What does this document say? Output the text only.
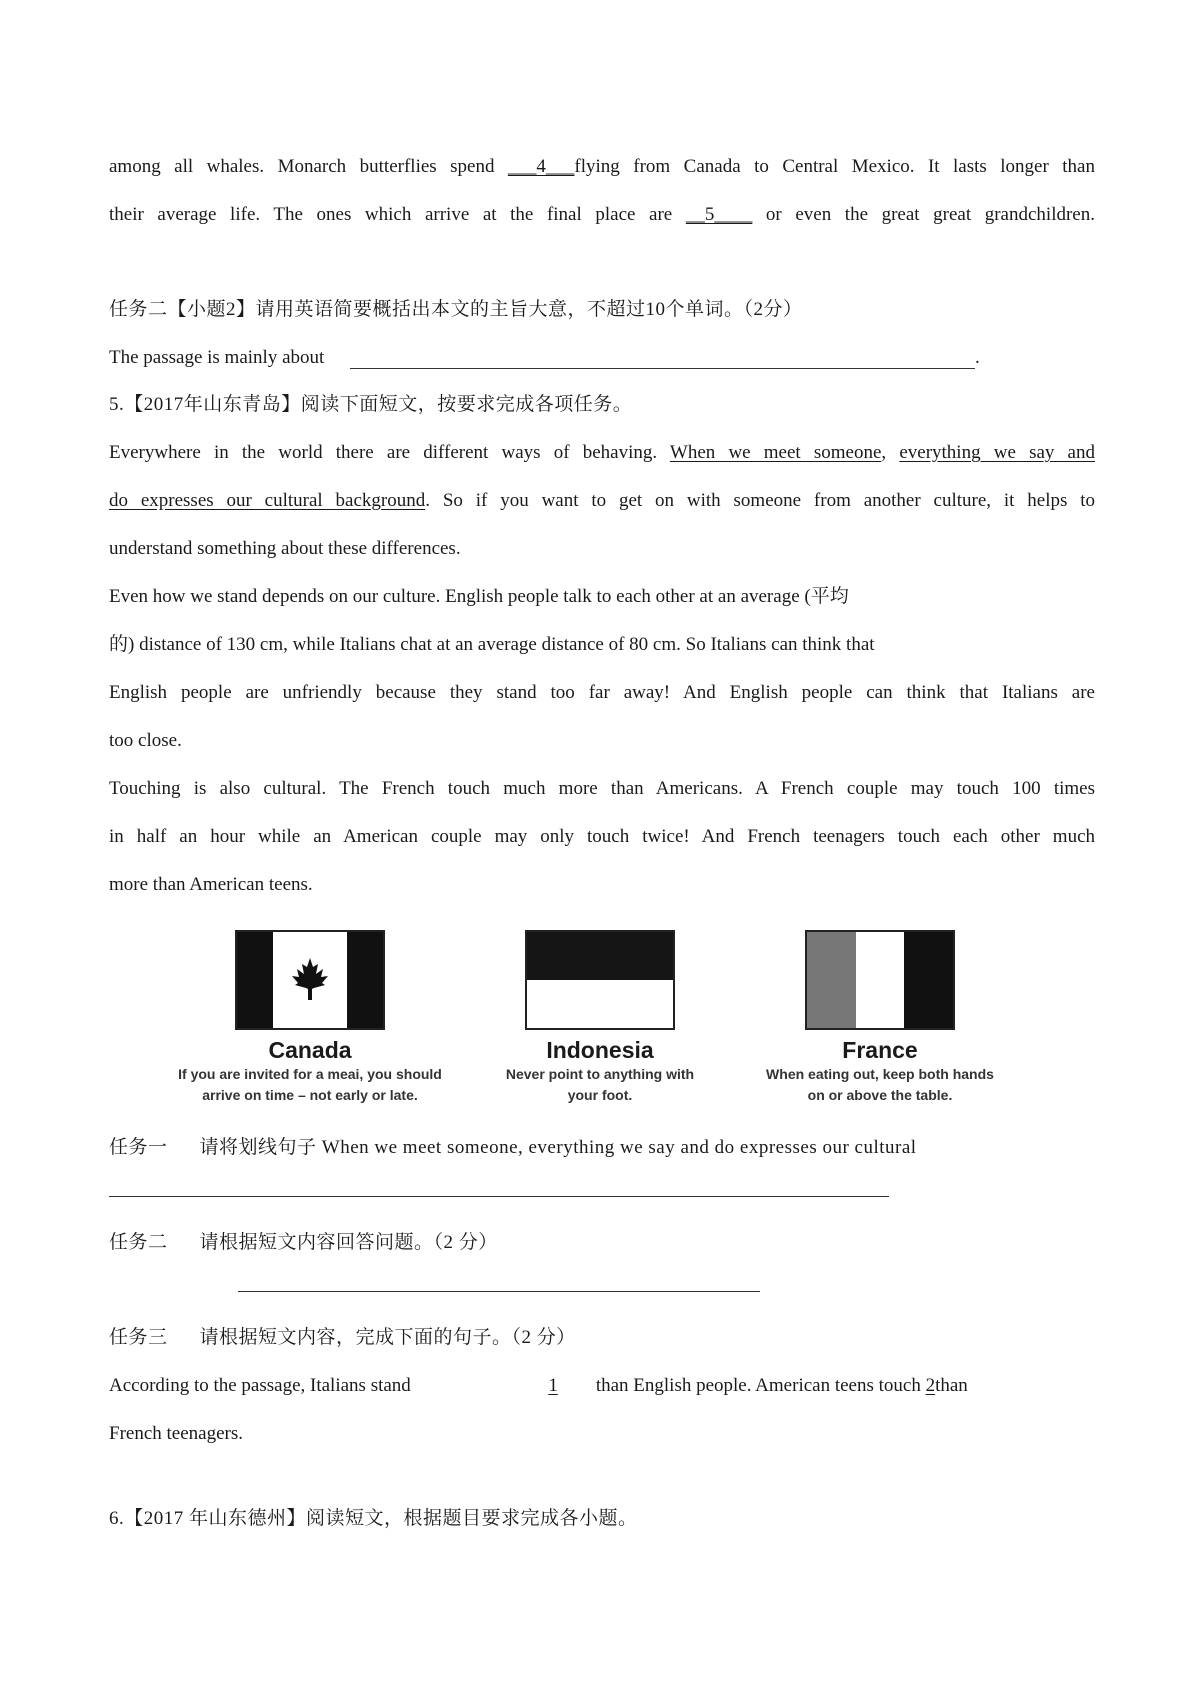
among all whales. Monarch butterflies spend ___4___flying from Canada to Central Mexico. It lasts longer than
their average life. The ones which arrive at the final place are __5____ or even the great great grandchildren.
任务二【小题2】请用英语简要概括出本文的主旨大意，不超过10个单词。（2分）
The passage is mainly about	.
5.【2017年山东青岛】阅读下面短文，按要求完成各项任务。
Everywhere in the world there are different ways of behaving. When we meet someone, everything we say and
do expresses our cultural background. So if you want to get on with someone from another culture, it helps to
understand something about these differences.
Even how we stand depends on our culture. English people talk to each other at an average (平均
的) distance of 130 cm, while Italians chat at an average distance of 80 cm. So Italians can think that
English people are unfriendly because they stand too far away! And English people can think that Italians are
too close.
Touching is also cultural. The French touch much more than Americans. A French couple may touch 100 times
in half an hour while an American couple may only touch twice! And French teenagers touch each other much
more than American teens.
Canada
If you are invited for a meai, you should
arrive on time – not early or late.
Indonesia
Never point to anything with
your foot.
France
When eating out, keep both hands
on or above the table.
任务一 请将划线句子 When we meet someone, everything we say and do expresses our cultural
任务二 请根据短文内容回答问题。（2 分）
任务三 请根据短文内容，完成下面的句子。（2 分）
According to the passage, Italians stand	1 than English people. American teens touch 2than
French teenagers.
6.【2017 年山东德州】阅读短文，根据题目要求完成各小题。
